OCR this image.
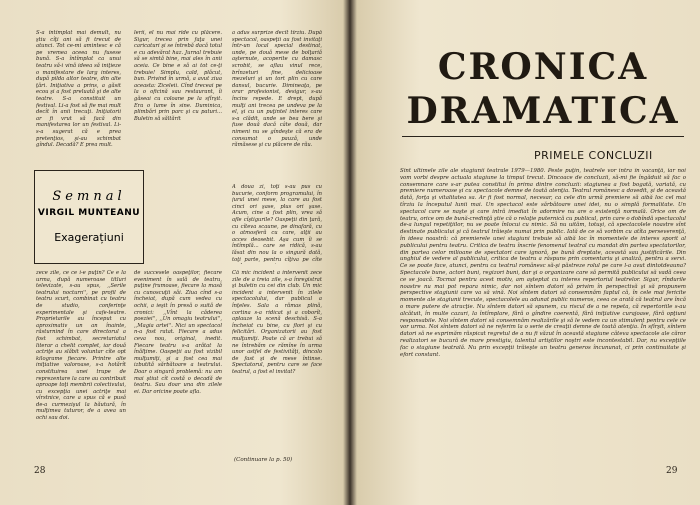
S-a întîmplat mai demult, nu ştiu cîţi ani să fi trecut de atunci. Tot ce-mi amintesc e că pe vremea aceea nu fusese bună. S-a întîmplat ca unui teatru să-i vină ideea să iniţieze o manifestare de larg interes, după pilda altor teatre, din alte ţări. Iniţiativa a prins, a găsit ecou şi a fost preluată şi de alte teatre. S-a constituit un festival. Li-a fost să fie mai mult decît în anii trecuţi. Iniţiatorii ar fi vrut să facă din manifestarea lor un festival. Li-s-a sugerat că e prea pretenţios, şi-au schimbat gîndul. Decadă? E prea mult.
lerii, el nu mai rîde cu plăcere. Sigur, trecea prin faţa unei caricaturi şi se întrebă dacă totul e cu adevărat haz. Jurnal trebuie să se simtă bine, mai ales în anii aceia. Ce bine e să ai tot ce-ţi trebuie! Simplu, cald, plăcut, bun. Privind în urmă, a avut ziua aceasta: Ziceleii. Cînd treceai pe la o oficină sau restaurant, îi găseai cu coloane pe la sfîrşit. Era o lume în sine. Duminica, plimbări prin parc şi cu paturi... Buletin să săltărit
a adus surprize decît tîrziu. După spectacol, oaspeţii au fost invitaţi într-un local special destinat, unde, pe două mese de bolţariă aşternute, acoperite cu damasc scrobit, se aflau vinul rece, brînzeturi fine, delicioase mezeluri şi un tort plin cu care dansul, bucurie. Dimineaţa, pe orar profesionist, desigur, s-au încins repede. E drept, după mulţi ani trecea pe undeva pe la el, şi cu un puţintel interes care s-a clădit, unde se bea bere şi fuse două dacă câte două, dar nimeni nu se gîndeşte că era de consumat o pauză, unde rămăsese şi cu plăcere de rău.
Semnal
VIRGIL MUNTEANU
Exagerațiuni
A doua zi, toţi s-au pus cu bucurie, conform programului, în jurul unei mese, la care au fost cinci ori şase, plus ori şase. Acum, cine a fost plin, vrea să afle cîştigurile? Oaspeţii din ţară, cu cîteva scaune, pe dinafară, cu o atmosferă cu care, alţii au acces deosebit. Aşa cum îi se întîmplă... care se ridică, s-au lăsat din nou la o singură dată, toţi parte, pentru cîţiva pe cîte
zece zile, ce ce i-e puţin? Ce e la urma, după numeroase titluri televizate, s-au spus, ,,Serile teatrului nocturn'', pe profil de teatru scurt, combinat cu teatru de studio, conferinţe experimentale şi cafe-teatre. Proprietarile au început cu aproximativ un an înainte, răsturnind în care directorul a fost schimbat, secretariatul literar a chelit complet, iar două actriţe au slăbit voluntar cîte opt kilograme fiecare. Printre alte iniţiative valoroase, s-a hotărît constituirea unei trupe de reprezentare la care au contribuit aproape toţi membrii colectivului, cu excepţia unei actriţe mai vîrstnice, care a spus că e pusă de-a curmezişul la băutură, în mulţimea tuturor, de a avea un ochi sau doi.
de succesele oaspeţilor, fiecare eveniment în sală de teatru, puţine frumoase, fiecare la masă cu cunoscuţii săi. Ziua cînd s-a încheiat, după cum vedea cu ochii, a ieşit în presă o suită de cronici: ,,Vînt la căderea poeziei'', ,,Un omagiu teatrului'', ,,Magia artei''. Nici un spectacol n-a fost ratat. Fiecare a adus ceva nou, original, inedit. Fiecare teatru s-a arătat la înălţime. Oaspeţii au fost vizibil mulţumiţi, şi a fost cea mai izbutită sărbătoare a teatrului. Doar o singură problemă: nu am mai ştiut cît costă o decadă de teatru. Sau doar una din zilele ei. Dar oricine poate afla.
Că mic incident a intervenit zece zile de a treia zile, s-a înregistrat şi buletin cu cei din club. Un mic incident a intervenit în zilele spectacolului, dar publicul a înţeles. Sala a rămas plină, cortina s-a ridicat şi a coborît, aplauze la scenă deschisă. S-a încheiat cu bine, cu flori şi cu felicitări. Organizatorii au fost mulţumiţi. Poate că ar trebui să ne întrebăm ce rămîne în urma unor astfel de festivităţi, dincolo de fast şi de mese întinse. Spectatorul, pentru care se face teatrul, a fost el invitat?
(Continuare la p. 50)
28
CRONICA
DRAMATICA
PRIMELE CONCLUZII
Sînt ultimele zile ale stagiunii teatrale 1979—1980. Peste puţin, teatrele vor intra în vacanţă, iar noi vom vorbi despre actuala stagiune la timpul trecut. Dincoace de concluzii, să-mi fie îngăduit să fac o consemnare care s-ar putea constitui în prima dintre concluzii: stagiunea a fost bogată, variată, cu premiere numeroase şi cu spectacole demne de toată atenţia. Teatrul românesc a dovedit, şi de această dată, forţa şi vitalitatea sa. Ar fi fost normal, necesar, ca cele din urmă premiere să aibă loc cel mai tîrziu la începutul lunii mai. Un spectacol este sărbătoare unei idei, nu o simplă formalitate. Un spectacol care se naşte şi care intră imediat în adormire nu are o existenţă normală. Orice om de teatru, orice om de bună-credinţă ştie că o relaţie puternică cu publicul, prin care o dobîndă spectacolul de-a lungul repetiţiilor, nu se poate înlocui cu nimic. Să nu uităm, totuşi, că spectacolele noastre sînt destinate publicului şi că teatrul trăieşte numai prin public. Iată de ce să vorbim cu atîta perseverenţă, în ideea noastră: că premierele unei stagiuni trebuie să aibă loc în momentele de interes sporit al publicului pentru teatru. Critica de teatru înscrie fenomenul teatral cu mandat din partea spectatorilor, din partea celor milioane de spectatori care ignoră, pe bună dreptate, această sau justificările. Din unghiul de vedere al publicului, critica de teatru a răspuns prin comentariu şi analiză, pentru a servi. Ce se poate face, atunci, pentru ca teatrul românesc să-şi păstreze rolul pe care l-a avut dintotdeauna? Spectacole bune, actori buni, regizori buni, dar şi o organizare care să permită publicului să vadă ceea ce se joacă. Tocmai pentru acest motiv, am aşteptat cu interes repertoriul teatrelor. Sigur, rîndurile noastre nu mai pot repara nimic, dar noi sîntem datori să privim în perspectivă şi să propunem perspective stagiunii care va să vină. Noi sîntem datori să consemnăm faptul că, în cele mai fericite momente ale stagiunii trecute, spectacolele au adunat public numeros, ceea ce arată că teatrul are încă o mare putere de atracţie. Nu sîntem datori să spunem, cu riscul de a ne repeta, că repertoriile s-au alcătuit, în multe cazuri, la întîmplare, fără o gîndire coerentă, fără iniţiative curajoase, fără opţiuni responsabile. Noi sîntem datori să consemnăm realizările şi să le vedem ca un stimulent pentru cele ce vor urma. Noi sîntem datori să ne referim la o serie de creaţii demne de toată atenţia. În sfîrşit, sîntem datori să ne exprimăm răspicat regretul de a nu fi văzut în această stagiune câteva spectacole ale căror realizatori se bucură de mare prestigiu, talentul artiştilor noştri este incontestabil. Dar, nu excepţiile fac o stagiune teatrală. Nu prin excepţii trăieşte un teatru generos încununat, ci prin continuitate şi efort constant.
29
